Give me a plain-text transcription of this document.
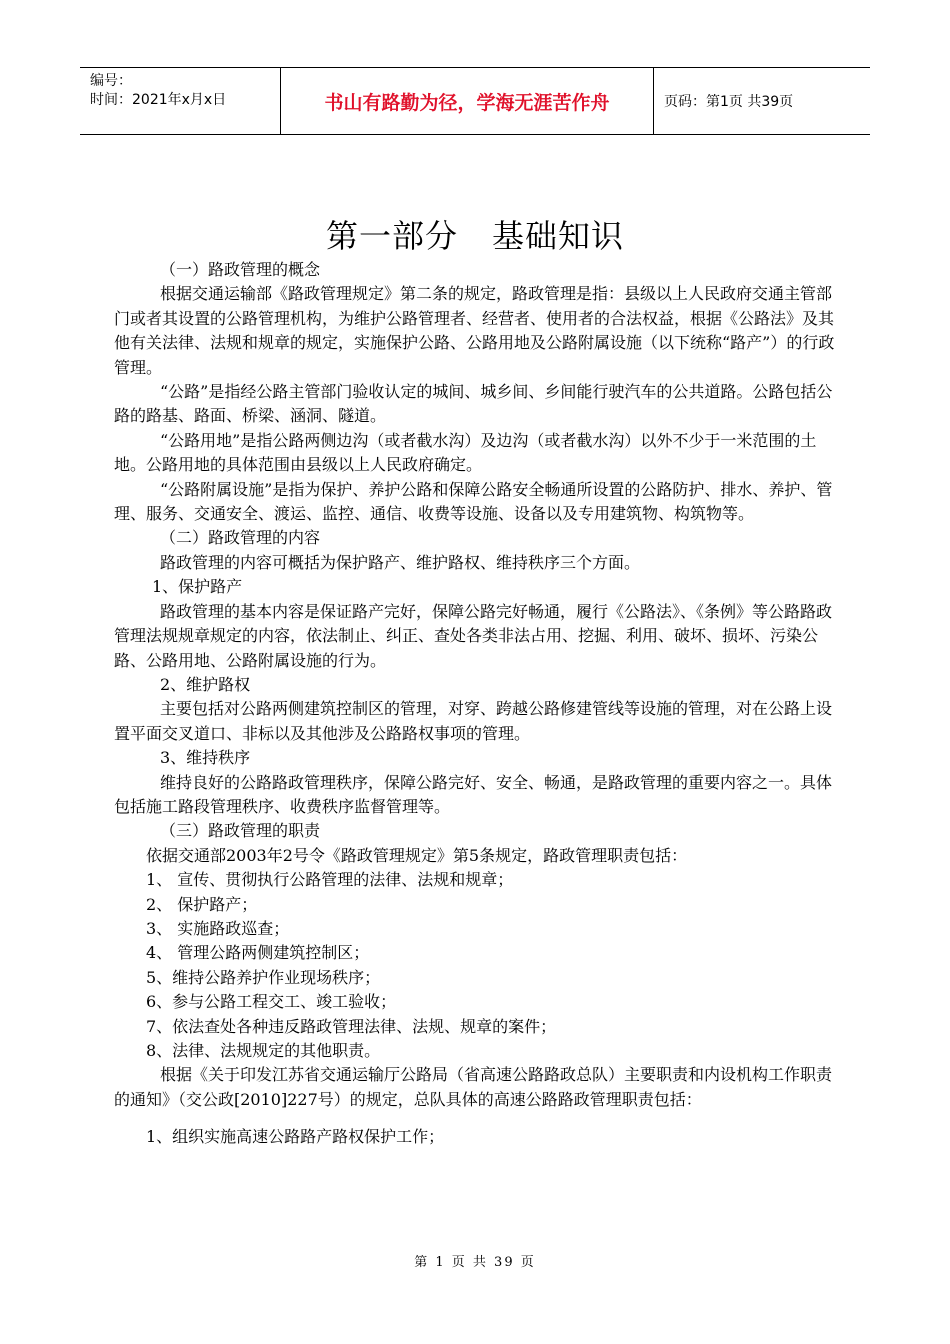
编号：
时间：2021年x月x日	书山有路勤为径，学海无涯苦作舟	页码：第1页 共39页
第一部分 基础知识

（一）路政管理的概念

根据交通运输部《路政管理规定》第二条的规定，路政管理是指：县级以上人民政府交通主管部门或者其设置的公路管理机构，为维护公路管理者、经营者、使用者的合法权益，根据《公路法》及其他有关法律、法规和规章的规定，实施保护公路、公路用地及公路附属设施（以下统称“路产”）的行政管理。

“公路”是指经公路主管部门验收认定的城间、城乡间、乡间能行驶汽车的公共道路。公路包括公路的路基、路面、桥梁、涵洞、隧道。

“公路用地”是指公路两侧边沟（或者截水沟）及边沟（或者截水沟）以外不少于一米范围的土地。公路用地的具体范围由县级以上人民政府确定。

“公路附属设施”是指为保护、养护公路和保障公路安全畅通所设置的公路防护、排水、养护、管理、服务、交通安全、渡运、监控、通信、收费等设施、设备以及专用建筑物、构筑物等。

（二）路政管理的内容

路政管理的内容可概括为保护路产、维护路权、维持秩序三个方面。

1、保护路产

路政管理的基本内容是保证路产完好，保障公路完好畅通，履行《公路法》、《条例》等公路路政管理法规规章规定的内容，依法制止、纠正、查处各类非法占用、挖掘、利用、破坏、损坏、污染公路、公路用地、公路附属设施的行为。

2、维护路权

主要包括对公路两侧建筑控制区的管理，对穿、跨越公路修建管线等设施的管理，对在公路上设置平面交叉道口、非标以及其他涉及公路路权事项的管理。

3、维持秩序

维持良好的公路路政管理秩序，保障公路完好、安全、畅通，是路政管理的重要内容之一。具体包括施工路段管理秩序、收费秩序监督管理等。

（三）路政管理的职责

依据交通部2003年2号令《路政管理规定》第5条规定，路政管理职责包括：

1、 宣传、贯彻执行公路管理的法律、法规和规章；

2、 保护路产；

3、 实施路政巡查；

4、 管理公路两侧建筑控制区；

5、维持公路养护作业现场秩序；

6、参与公路工程交工、竣工验收；

7、依法查处各种违反路政管理法律、法规、规章的案件；

8、法律、法规规定的其他职责。

根据《关于印发江苏省交通运输厅公路局（省高速公路路政总队）主要职责和内设机构工作职责的通知》（交公政[2010]227号）的规定，总队具体的高速公路路政管理职责包括：

1、组织实施高速公路路产路权保护工作；

第 1 页 共 39 页
